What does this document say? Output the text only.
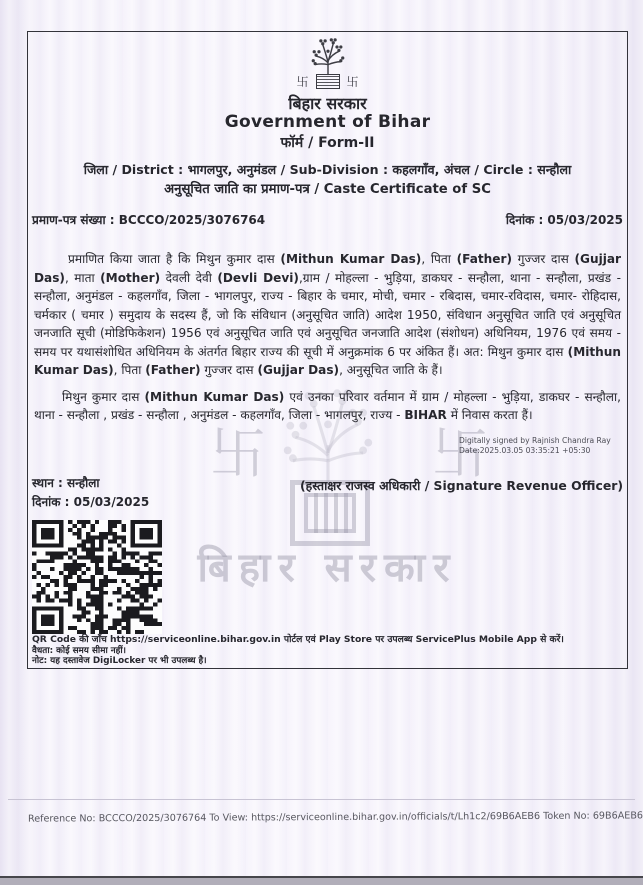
卐	卐
बिहार सरकार
卐	卐
बिहार सरकार
Government of Bihar
फॉर्म / Form-II
जिला / District : भागलपुर, अनुमंडल / Sub-Division : कहलगाँव, अंचल / Circle : सन्हौला
अनुसूचित जाति का प्रमाण-पत्र / Caste Certificate of SC
प्रमाण-पत्र संख्या : BCCCO/2025/3076764	दिनांक : 05/03/2025

प्रमाणित किया जाता है कि मिथुन कुमार दास (Mithun Kumar Das), पिता (Father) गुज्जर दास (Gujjar Das), माता (Mother) देवली देवी (Devli Devi),ग्राम / मोहल्ला - भुड़िया, डाकघर - सन्हौला, थाना - सन्हौला, प्रखंड - सन्हौला, अनुमंडल - कहलगाँव, जिला - भागलपुर, राज्य - बिहार के चमार, मोची, चमार - रबिदास, चमार-रविदास, चमार- रोहिदास, चर्मकार ( चमार ) समुदाय के सदस्य हैं, जो कि संविधान (अनुसूचित जाति) आदेश 1950, संविधान अनुसूचित जाति एवं अनुसूचित जनजाति सूची (मोडिफिकेशन) 1956 एवं अनुसूचित जाति एवं अनुसूचित जनजाति आदेश (संशोधन) अधिनियम, 1976 एवं समय - समय पर यथासंशोधित अधिनियम के अंतर्गत बिहार राज्य की सूची में अनुक्रमांक 6 पर अंकित हैं। अत: मिथुन कुमार दास (Mithun Kumar Das), पिता (Father) गुज्जर दास (Gujjar Das), अनुसूचित जाति के हैं।

मिथुन कुमार दास (Mithun Kumar Das) एवं उनका परिवार वर्तमान में ग्राम / मोहल्ला - भुड़िया, डाकघर - सन्हौला, थाना - सन्हौला , प्रखंड - सन्हौला , अनुमंडल - कहलगाँव, जिला - भागलपुर, राज्य - BIHAR में निवास करता हैं।

Digitally signed by Rajnish Chandra Ray
Date:2025.03.05 03:35:21 +05:30
स्थान : सन्हौला	(हस्ताक्षर राजस्व अधिकारी / Signature Revenue Officer)
दिनांक : 05/03/2025
QR Code की जाँच https://serviceonline.bihar.gov.in पोर्टल एवं Play Store पर उपलब्ध ServicePlus Mobile App से करें।
वैधता: कोई समय सीमा नहीं।
नोट: यह दस्तावेज DigiLocker पर भी उपलब्ध है।
Reference No: BCCCO/2025/3076764 To View: https://serviceonline.bihar.gov.in/officials/t/Lh1c2/69B6AEB6 Token No: 69B6AEB6
